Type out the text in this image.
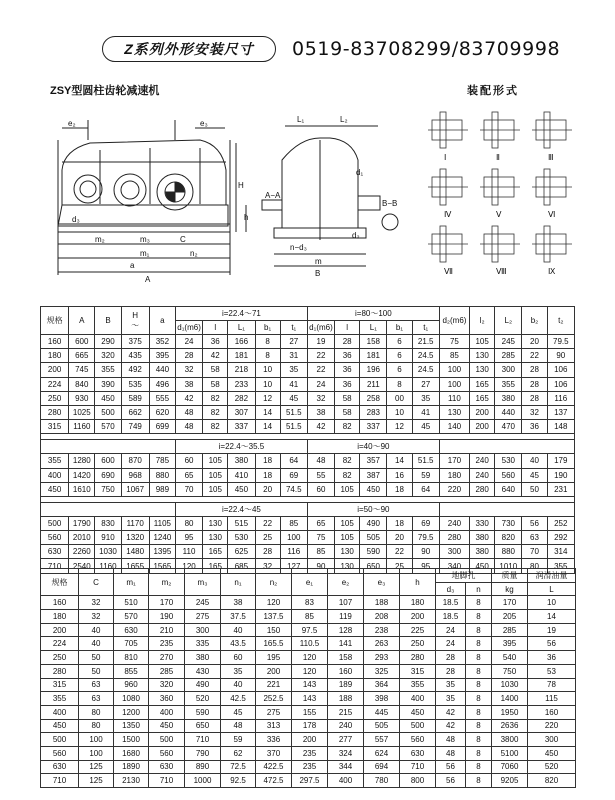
Z系列外形安装尺寸	0519-83708299/83709998
ZSY型圆柱齿轮减速机	装配形式
e₂	e₃
H
h
d₃
m₂	m₃	C
m₁
a
n₂
A
L₁	L₂
d₁
n−d₃
m
B
A−A
B−B
d₂
Ⅰ	Ⅱ	Ⅲ
Ⅳ	Ⅴ	Ⅵ
Ⅶ	Ⅷ	Ⅸ
规格	A	B	H
～	a	i=22.4～71					i=80～100					d₂(m6)	l₂	L₂	b₂	t₂
					d₁(m6)	l	L₁	b₁	t₁	d₁(m6)	l	L₁	b₁	t₁					
160	600	290	375	352	24	36	166	8	27	19	28	158	6	21.5	75	105	245	20	79.5
180	665	320	435	395	28	42	181	8	31	22	36	181	6	24.5	85	130	285	22	90
200	745	355	492	440	32	58	218	10	35	22	36	196	6	24.5	100	130	300	28	106
224	840	390	535	496	38	58	233	10	41	24	36	211	8	27	100	165	355	28	106
250	930	450	589	555	42	82	282	12	45	32	58	258	00	35	110	165	380	28	116
280	1025	500	662	620	48	82	307	14	51.5	38	58	283	10	41	130	200	440	32	137
315	1160	570	749	699	48	82	337	14	51.5	42	82	337	12	45	140	200	470	36	148

					i=22.4～35.5					i=40～90									
355	1280	600	870	785	60	105	380	18	64	48	82	357	14	51.5	170	240	530	40	179
400	1420	690	968	880	65	105	410	18	69	55	82	387	16	59	180	240	560	45	190
450	1610	750	1067	989	70	105	450	20	74.5	60	105	450	18	64	220	280	640	50	231

					i=22.4～45					i=50～90									
500	1790	830	1170	1105	80	130	515	22	85	65	105	490	18	69	240	330	730	56	252
560	2010	910	1320	1240	95	130	530	25	100	75	105	505	20	79.5	280	380	820	63	292
630	2260	1030	1480	1395	110	165	625	28	116	85	130	590	22	90	300	380	880	70	314
710	2540	1160	1655	1565	120	165	685	32	127	90	130	650	25	95	340	450	1010	80	355
规格	C	m₁	m₂	m₃	n₁	n₂	e₁	e₂	e₃	h	地脚孔		质量	润滑油量
											d₃	n	kg	L
160	32	510	170	245	38	120	83	107	188	180	18.5	8	170	10
180	32	570	190	275	37.5	137.5	85	119	208	200	18.5	8	205	14
200	40	630	210	300	40	150	97.5	128	238	225	24	8	285	19
224	40	705	235	335	43.5	165.5	110.5	141	263	250	24	8	395	56
250	50	810	270	380	60	195	120	158	293	280	28	8	540	36
280	50	855	285	430	35	200	120	160	325	315	28	8	750	53
315	63	960	320	490	40	221	143	189	364	355	35	8	1030	78
355	63	1080	360	520	42.5	252.5	143	188	398	400	35	8	1400	115
400	80	1200	400	590	45	275	155	215	445	450	42	8	1950	160
450	80	1350	450	650	48	313	178	240	505	500	42	8	2636	220
500	100	1500	500	710	59	336	200	277	557	560	48	8	3800	300
560	100	1680	560	790	62	370	235	324	624	630	48	8	5100	450
630	125	1890	630	890	72.5	422.5	235	344	694	710	56	8	7060	520
710	125	2130	710	1000	92.5	472.5	297.5	400	780	800	56	8	9205	820
